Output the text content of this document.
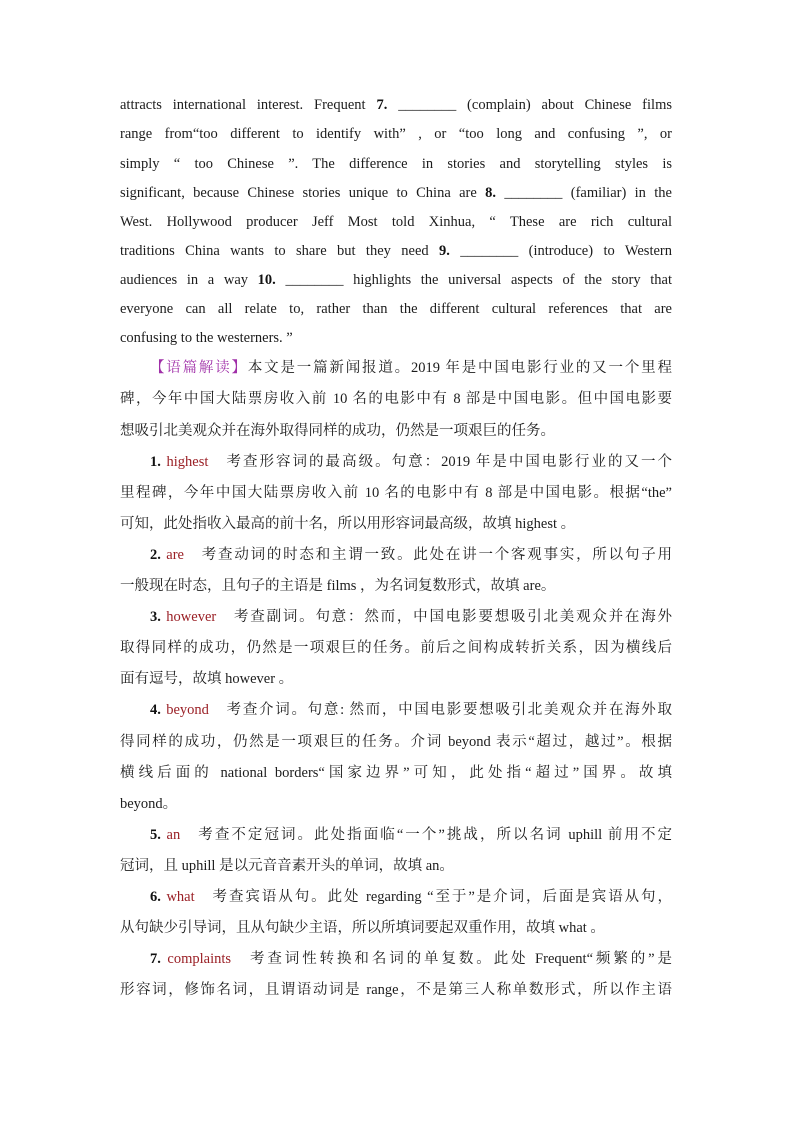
attracts international interest. Frequent 7. ________ (complain) about Chinese films
range from“too different to identify with” , or “too long and confusing ”, or
simply “ too Chinese ”. The difference in stories and storytelling styles is
significant, because Chinese stories unique to China are 8. ________ (familiar) in the
West. Hollywood producer Jeff Most told Xinhua, “ These are rich cultural
traditions China wants to share but they need 9. ________ (introduce) to Western
audiences in a way 10. ________ highlights the universal aspects of the story that
everyone can all relate to, rather than the different cultural references that are
confusing to the westerners. ”
【语篇解读】本文是一篇新闻报道。2019 年是中国电影行业的又一个里程
碑，今年中国大陆票房收入前 10 名的电影中有 8 部是中国电影。但中国电影要
想吸引北美观众并在海外取得同样的成功，仍然是一项艰巨的任务。
1. highest 考查形容词的最高级。句意：2019 年是中国电影行业的又一个
里程碑，今年中国大陆票房收入前 10 名的电影中有 8 部是中国电影。根据“the”
可知，此处指收入最高的前十名，所以用形容词最高级，故填 highest 。
2. are 考查动词的时态和主谓一致。此处在讲一个客观事实，所以句子用
一般现在时态，且句子的主语是 films ，为名词复数形式，故填 are。
3. however 考查副词。句意：然而，中国电影要想吸引北美观众并在海外
取得同样的成功，仍然是一项艰巨的任务。前后之间构成转折关系，因为横线后
面有逗号，故填 however 。
4. beyond 考查介词。句意: 然而，中国电影要想吸引北美观众并在海外取
得同样的成功，仍然是一项艰巨的任务。介词 beyond 表示“超过，越过”。根据
横线后面的 national borders“国家边界”可知，此处指“超过”国界。故填
beyond。
5. an 考查不定冠词。此处指面临“一个”挑战，所以名词 uphill 前用不定
冠词，且 uphill 是以元音音素开头的单词，故填 an。
6. what 考查宾语从句。此处 regarding “至于”是介词，后面是宾语从句，
从句缺少引导词，且从句缺少主语，所以所填词要起双重作用，故填 what 。
7. complaints 考查词性转换和名词的单复数。此处 Frequent“频繁的”是
形容词，修饰名词，且谓语动词是 range，不是第三人称单数形式，所以作主语
